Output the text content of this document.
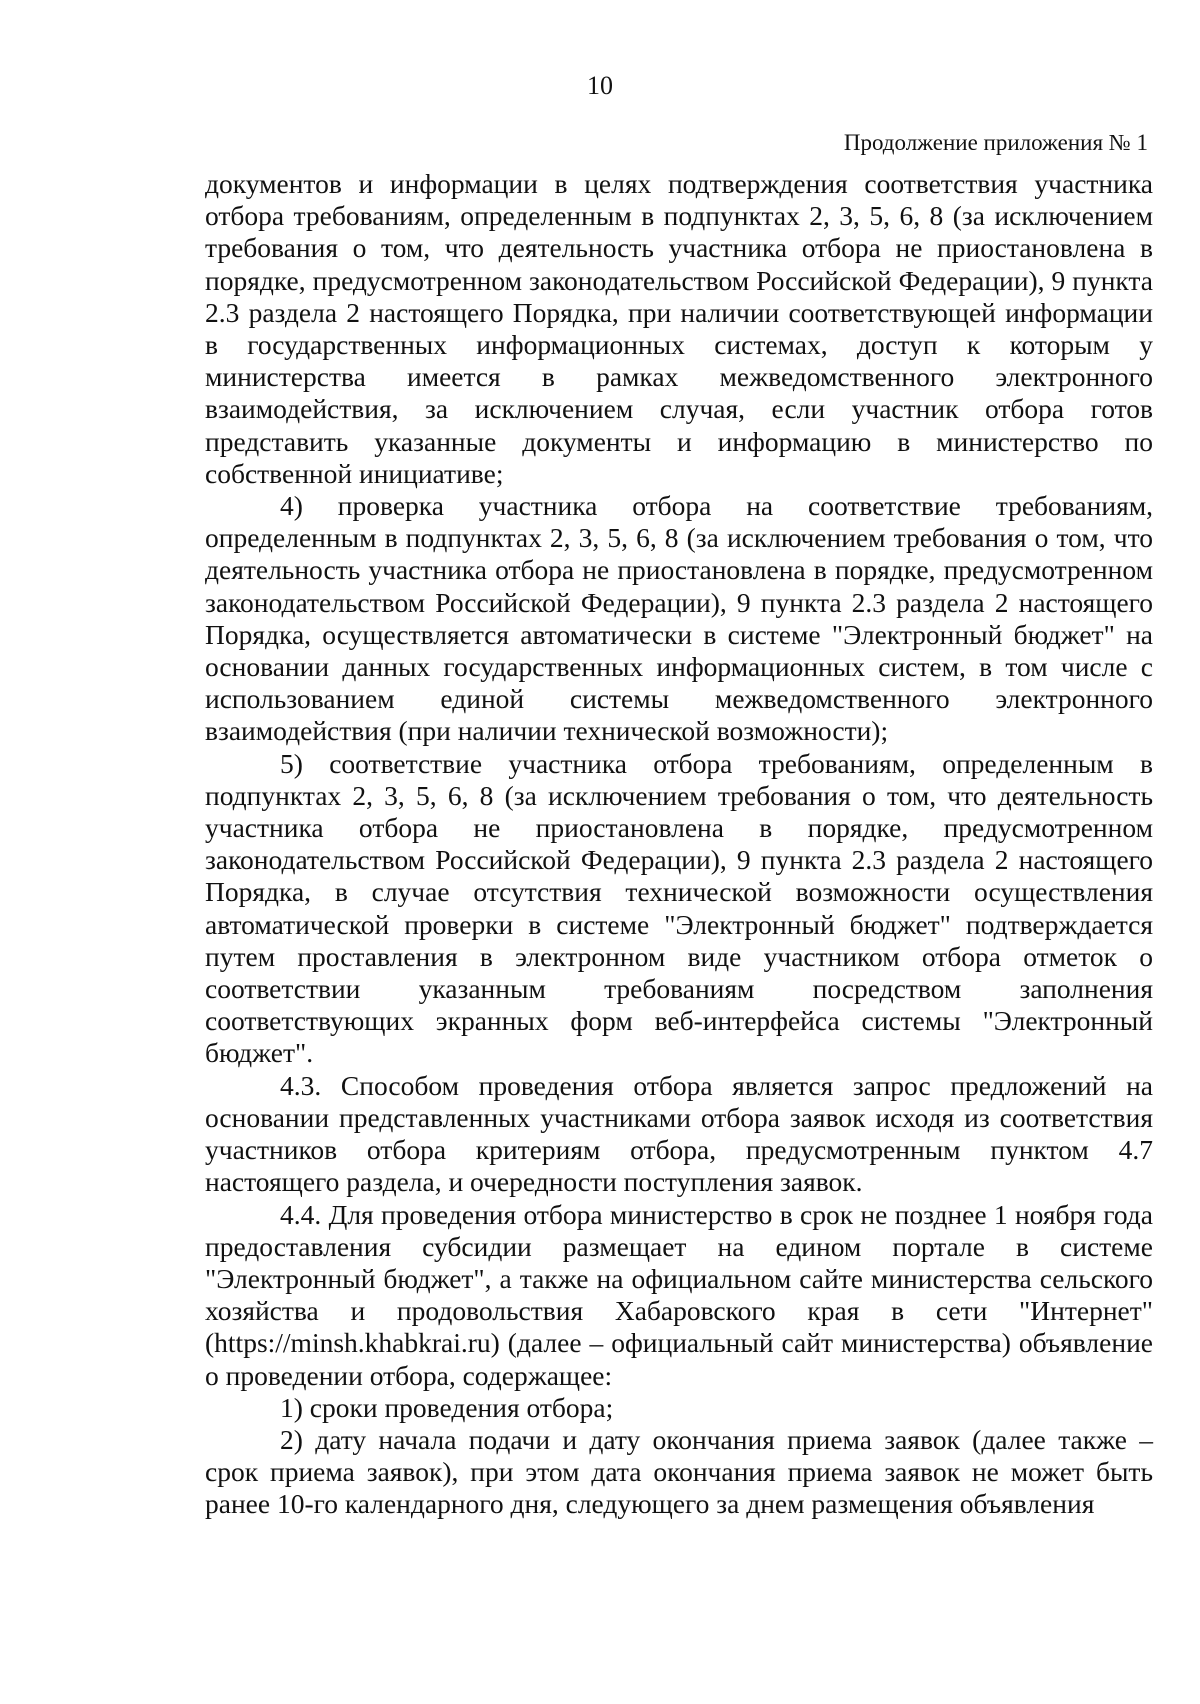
10
Продолжение приложения № 1

документов и информации в целях подтверждения соответствия участника отбора требованиям, определенным в подпунктах 2, 3, 5, 6, 8 (за исключением требования о том, что деятельность участника отбора не приостановлена в порядке, предусмотренном законодательством Российской Федерации), 9 пункта 2.3 раздела 2 настоящего Порядка, при наличии соответствующей информации в государственных информационных системах, доступ к которым у министерства имеется в рамках межведомственного электронного взаимодействия, за исключением случая, если участник отбора готов представить указанные документы и информацию в министерство по собственной инициативе;

4) проверка участника отбора на соответствие требованиям, определенным в подпунктах 2, 3, 5, 6, 8 (за исключением требования о том, что деятельность участника отбора не приостановлена в порядке, предусмотренном законодательством Российской Федерации), 9 пункта 2.3 раздела 2 настоящего Порядка, осуществляется автоматически в системе "Электронный бюджет" на основании данных государственных информационных систем, в том числе с использованием единой системы межведомственного электронного взаимодействия (при наличии технической возможности);

5) соответствие участника отбора требованиям, определенным в подпунктах 2, 3, 5, 6, 8 (за исключением требования о том, что деятельность участника отбора не приостановлена в порядке, предусмотренном законодательством Российской Федерации), 9 пункта 2.3 раздела 2 настоящего Порядка, в случае отсутствия технической возможности осуществления автоматической проверки в системе "Электронный бюджет" подтверждается путем проставления в электронном виде участником отбора отметок о соответствии указанным требованиям посредством заполнения соответствующих экранных форм веб-интерфейса системы "Электронный бюджет".

4.3. Способом проведения отбора является запрос предложений на основании представленных участниками отбора заявок исходя из соответствия участников отбора критериям отбора, предусмотренным пунктом 4.7 настоящего раздела, и очередности поступления заявок.

4.4. Для проведения отбора министерство в срок не позднее 1 ноября года предоставления субсидии размещает на едином портале в системе "Электронный бюджет", а также на официальном сайте министерства сельского хозяйства и продовольствия Хабаровского края в сети "Интернет" (https://minsh.khabkrai.ru) (далее – официальный сайт министерства) объявление о проведении отбора, содержащее:

1) сроки проведения отбора;

2) дату начала подачи и дату окончания приема заявок (далее также – срок приема заявок), при этом дата окончания приема заявок не может быть ранее 10-го календарного дня, следующего за днем размещения объявления
